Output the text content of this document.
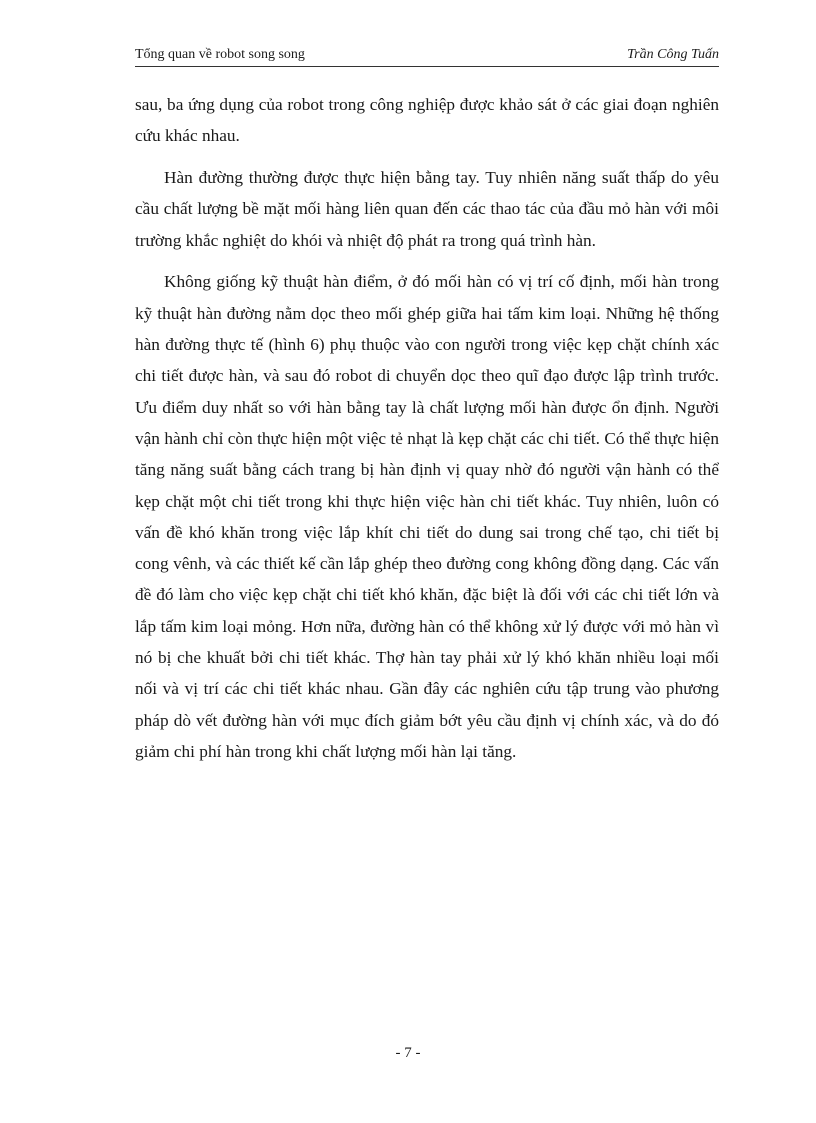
Tổng quan về robot song song	Trần Công Tuấn

sau, ba ứng dụng của robot trong công nghiệp được khảo sát ở các giai đoạn nghiên cứu khác nhau.

Hàn đường thường được thực hiện bằng tay. Tuy nhiên năng suất thấp do yêu cầu chất lượng bề mặt mối hàng liên quan đến các thao tác của đầu mỏ hàn với môi trường khắc nghiệt do khói và nhiệt độ phát ra trong quá trình hàn.

Không giống kỹ thuật hàn điểm, ở đó mối hàn có vị trí cố định, mối hàn trong kỹ thuật hàn đường nằm dọc theo mối ghép giữa hai tấm kim loại. Những hệ thống hàn đường thực tế (hình 6) phụ thuộc vào con người trong việc kẹp chặt chính xác chi tiết được hàn, và sau đó robot di chuyển dọc theo quĩ đạo được lập trình trước. Ưu điểm duy nhất so với hàn bằng tay là chất lượng mối hàn được ổn định. Người vận hành chỉ còn thực hiện một việc tẻ nhạt là kẹp chặt các chi tiết. Có thể thực hiện tăng năng suất bằng cách trang bị hàn định vị quay nhờ đó người vận hành có thể kẹp chặt một chi tiết trong khi thực hiện việc hàn chi tiết khác. Tuy nhiên, luôn có vấn đề khó khăn trong việc lắp khít chi tiết do dung sai trong chế tạo, chi tiết bị cong vênh, và các thiết kế cần lắp ghép theo đường cong không đồng dạng. Các vấn đề đó làm cho việc kẹp chặt chi tiết khó khăn, đặc biệt là đối với các chi tiết lớn và lắp tấm kim loại mỏng. Hơn nữa, đường hàn có thể không xử lý được với mỏ hàn vì nó bị che khuất bởi chi tiết khác. Thợ hàn tay phải xử lý khó khăn nhiều loại mối nối và vị trí các chi tiết khác nhau. Gần đây các nghiên cứu tập trung vào phương pháp dò vết đường hàn với mục đích giảm bớt yêu cầu định vị chính xác, và do đó giảm chi phí hàn trong khi chất lượng mối hàn lại tăng.

- 7 -
